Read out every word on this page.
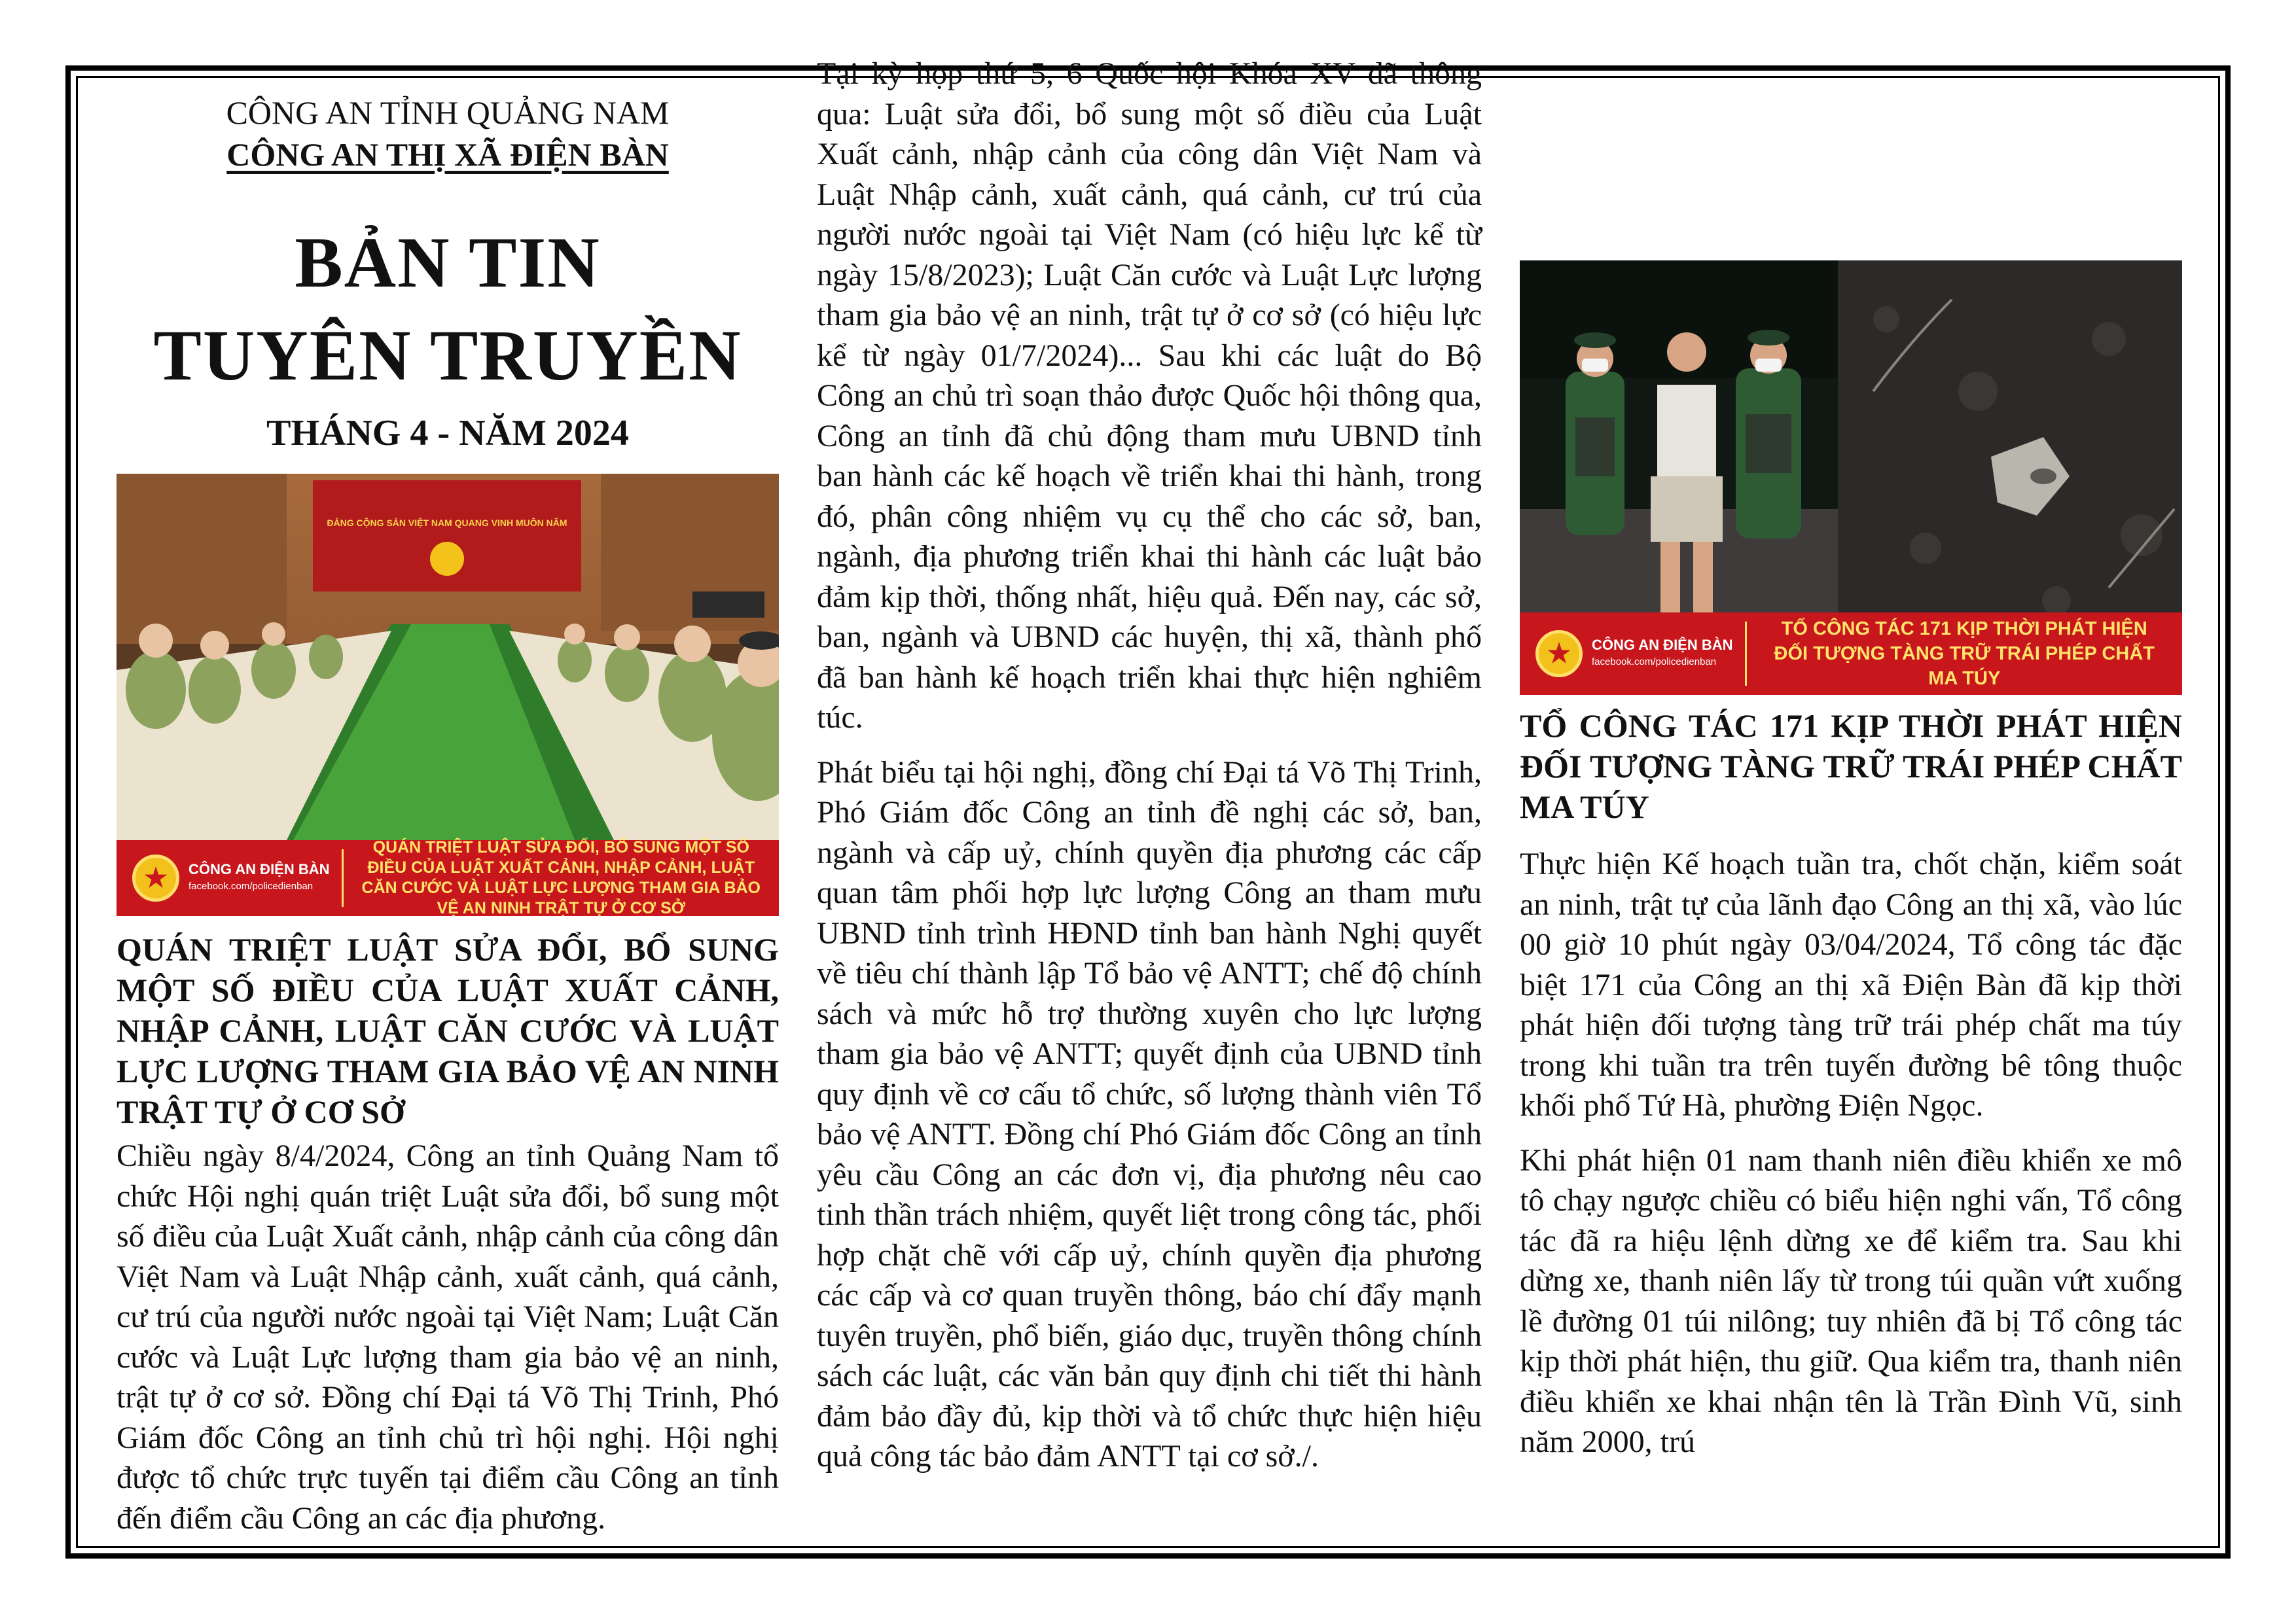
CÔNG AN TỈNH QUẢNG NAM
CÔNG AN THỊ XÃ ĐIỆN BÀN
BẢN TIN
TUYÊN TRUYỀN
THÁNG 4 - NĂM 2024
ĐẢNG CỘNG SẢN VIỆT NAM QUANG VINH MUÔN NĂM
★	CÔNG AN ĐIỆN BÀN
facebook.com/policedienban
QUÁN TRIỆT LUẬT SỬA ĐỔI, BỔ SUNG MỘT SỐ ĐIỀU CỦA LUẬT XUẤT CẢNH, NHẬP CẢNH, LUẬT CĂN CƯỚC VÀ LUẬT LỰC LƯỢNG THAM GIA BẢO VỆ AN NINH TRẬT TỰ Ở CƠ SỞ
QUÁN TRIỆT LUẬT SỬA ĐỔI, BỔ SUNG MỘT SỐ ĐIỀU CỦA LUẬT XUẤT CẢNH, NHẬP CẢNH, LUẬT CĂN CƯỚC VÀ LUẬT LỰC LƯỢNG THAM GIA BẢO VỆ AN NINH TRẬT TỰ Ở CƠ SỞ

Chiều ngày 8/4/2024, Công an tỉnh Quảng Nam tổ chức Hội nghị quán triệt Luật sửa đổi, bổ sung một số điều của Luật Xuất cảnh, nhập cảnh của công dân Việt Nam và Luật Nhập cảnh, xuất cảnh, quá cảnh, cư trú của người nước ngoài tại Việt Nam; Luật Căn cước và Luật Lực lượng tham gia bảo vệ an ninh, trật tự ở cơ sở. Đồng chí Đại tá Võ Thị Trinh, Phó Giám đốc Công an tỉnh chủ trì hội nghị. Hội nghị được tổ chức trực tuyến tại điểm cầu Công an tỉnh đến điểm cầu Công an các địa phương.

Tại kỳ họp thứ 5, 6 Quốc hội Khóa XV đã thông qua: Luật sửa đổi, bổ sung một số điều của Luật Xuất cảnh, nhập cảnh của công dân Việt Nam và Luật Nhập cảnh, xuất cảnh, quá cảnh, cư trú của người nước ngoài tại Việt Nam (có hiệu lực kể từ ngày 15/8/2023); Luật Căn cước và Luật Lực lượng tham gia bảo vệ an ninh, trật tự ở cơ sở (có hiệu lực kể từ ngày 01/7/2024)... Sau khi các luật do Bộ Công an chủ trì soạn thảo được Quốc hội thông qua, Công an tỉnh đã chủ động tham mưu UBND tỉnh ban hành các kế hoạch về triển khai thi hành, trong đó, phân công nhiệm vụ cụ thể cho các sở, ban, ngành, địa phương triển khai thi hành các luật bảo đảm kịp thời, thống nhất, hiệu quả. Đến nay, các sở, ban, ngành và UBND các huyện, thị xã, thành phố đã ban hành kế hoạch triển khai thực hiện nghiêm túc.

Phát biểu tại hội nghị, đồng chí Đại tá Võ Thị Trinh, Phó Giám đốc Công an tỉnh đề nghị các sở, ban, ngành và cấp uỷ, chính quyền địa phương các cấp quan tâm phối hợp lực lượng Công an tham mưu UBND tỉnh trình HĐND tỉnh ban hành Nghị quyết về tiêu chí thành lập Tổ bảo vệ ANTT; chế độ chính sách và mức hỗ trợ thường xuyên cho lực lượng tham gia bảo vệ ANTT; quyết định của UBND tỉnh quy định về cơ cấu tổ chức, số lượng thành viên Tổ bảo vệ ANTT. Đồng chí Phó Giám đốc Công an tỉnh yêu cầu Công an các đơn vị, địa phương nêu cao tinh thần trách nhiệm, quyết liệt trong công tác, phối hợp chặt chẽ với cấp uỷ, chính quyền địa phương các cấp và cơ quan truyền thông, báo chí đẩy mạnh tuyên truyền, phổ biến, giáo dục, truyền thông chính sách các luật, các văn bản quy định chi tiết thi hành đảm bảo đầy đủ, kịp thời và tổ chức thực hiện hiệu quả công tác bảo đảm ANTT tại cơ sở./.

★	CÔNG AN ĐIỆN BÀN
facebook.com/policedienban
TỔ CÔNG TÁC 171 KỊP THỜI PHÁT HIỆN
ĐỐI TƯỢNG TÀNG TRỮ TRÁI PHÉP CHẤT MA TÚY
TỔ CÔNG TÁC 171 KỊP THỜI PHÁT HIỆN ĐỐI TƯỢNG TÀNG TRỮ TRÁI PHÉP CHẤT MA TÚY

Thực hiện Kế hoạch tuần tra, chốt chặn, kiểm soát an ninh, trật tự của lãnh đạo Công an thị xã, vào lúc 00 giờ 10 phút ngày 03/04/2024, Tổ công tác đặc biệt 171 của Công an thị xã Điện Bàn đã kịp thời phát hiện đối tượng tàng trữ trái phép chất ma túy trong khi tuần tra trên tuyến đường bê tông thuộc khối phố Tứ Hà, phường Điện Ngọc.

Khi phát hiện 01 nam thanh niên điều khiển xe mô tô chạy ngược chiều có biểu hiện nghi vấn, Tổ công tác đã ra hiệu lệnh dừng xe để kiểm tra. Sau khi dừng xe, thanh niên lấy từ trong túi quần vứt xuống lề đường 01 túi nilông; tuy nhiên đã bị Tổ công tác kịp thời phát hiện, thu giữ. Qua kiểm tra, thanh niên điều khiển xe khai nhận tên là Trần Đình Vũ, sinh năm 2000, trú
